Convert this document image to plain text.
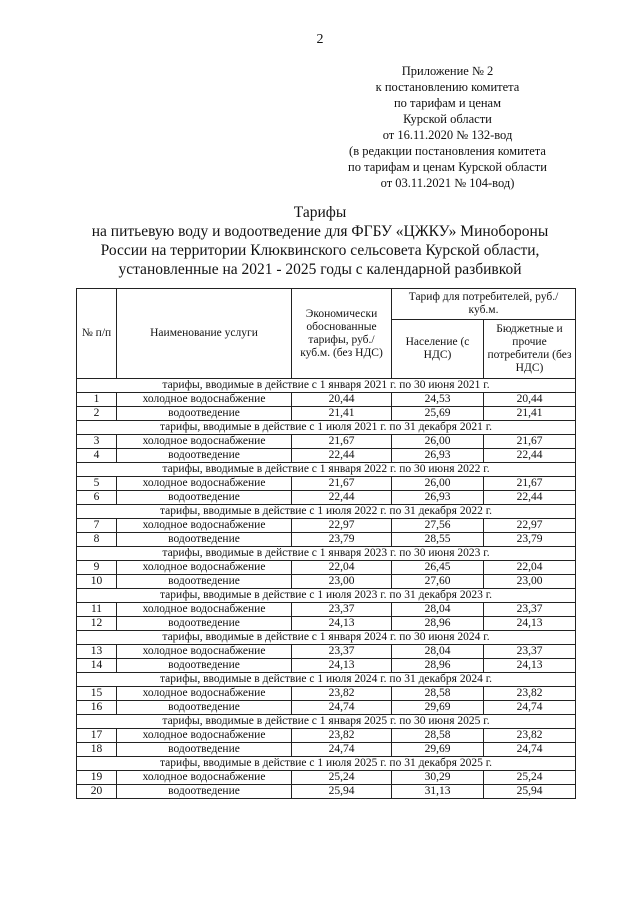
2
Приложение № 2
к постановлению комитета
по тарифам и ценам
Курской области
от 16.11.2020 № 132-вод
(в редакции постановления комитета
по тарифам и ценам Курской области
от 03.11.2021 № 104-вод)
Тарифы
на питьевую воду и водоотведение для ФГБУ «ЦЖКУ» Минобороны
России на территории Клюквинского сельсовета Курской области,
установленные на 2021 - 2025 годы с календарной разбивкой
№ п/п	Наименование услуги	Экономически обоснованные тарифы, руб./ куб.м. (без НДС)	Тариф для потребителей, руб./ куб.м.	
			Население (с НДС)	Бюджетные и прочие потребители (без НДС)
тарифы, вводимые в действие с 1 января 2021 г. по 30 июня 2021 г.				
1	холодное водоснабжение	20,44	24,53	20,44
2	водоотведение	21,41	25,69	21,41
тарифы, вводимые в действие с 1 июля 2021 г. по 31 декабря 2021 г.				
3	холодное водоснабжение	21,67	26,00	21,67
4	водоотведение	22,44	26,93	22,44
тарифы, вводимые в действие с 1 января 2022 г. по 30 июня 2022 г.				
5	холодное водоснабжение	21,67	26,00	21,67
6	водоотведение	22,44	26,93	22,44
тарифы, вводимые в действие с 1 июля 2022 г. по 31 декабря 2022 г.				
7	холодное водоснабжение	22,97	27,56	22,97
8	водоотведение	23,79	28,55	23,79
тарифы, вводимые в действие с 1 января 2023 г. по 30 июня 2023 г.				
9	холодное водоснабжение	22,04	26,45	22,04
10	водоотведение	23,00	27,60	23,00
тарифы, вводимые в действие с 1 июля 2023 г. по 31 декабря 2023 г.				
11	холодное водоснабжение	23,37	28,04	23,37
12	водоотведение	24,13	28,96	24,13
тарифы, вводимые в действие с 1 января 2024 г. по 30 июня 2024 г.				
13	холодное водоснабжение	23,37	28,04	23,37
14	водоотведение	24,13	28,96	24,13
тарифы, вводимые в действие с 1 июля 2024 г. по 31 декабря 2024 г.				
15	холодное водоснабжение	23,82	28,58	23,82
16	водоотведение	24,74	29,69	24,74
тарифы, вводимые в действие с 1 января 2025 г. по 30 июня 2025 г.				
17	холодное водоснабжение	23,82	28,58	23,82
18	водоотведение	24,74	29,69	24,74
тарифы, вводимые в действие с 1 июля 2025 г. по 31 декабря 2025 г.				
19	холодное водоснабжение	25,24	30,29	25,24
20	водоотведение	25,94	31,13	25,94
